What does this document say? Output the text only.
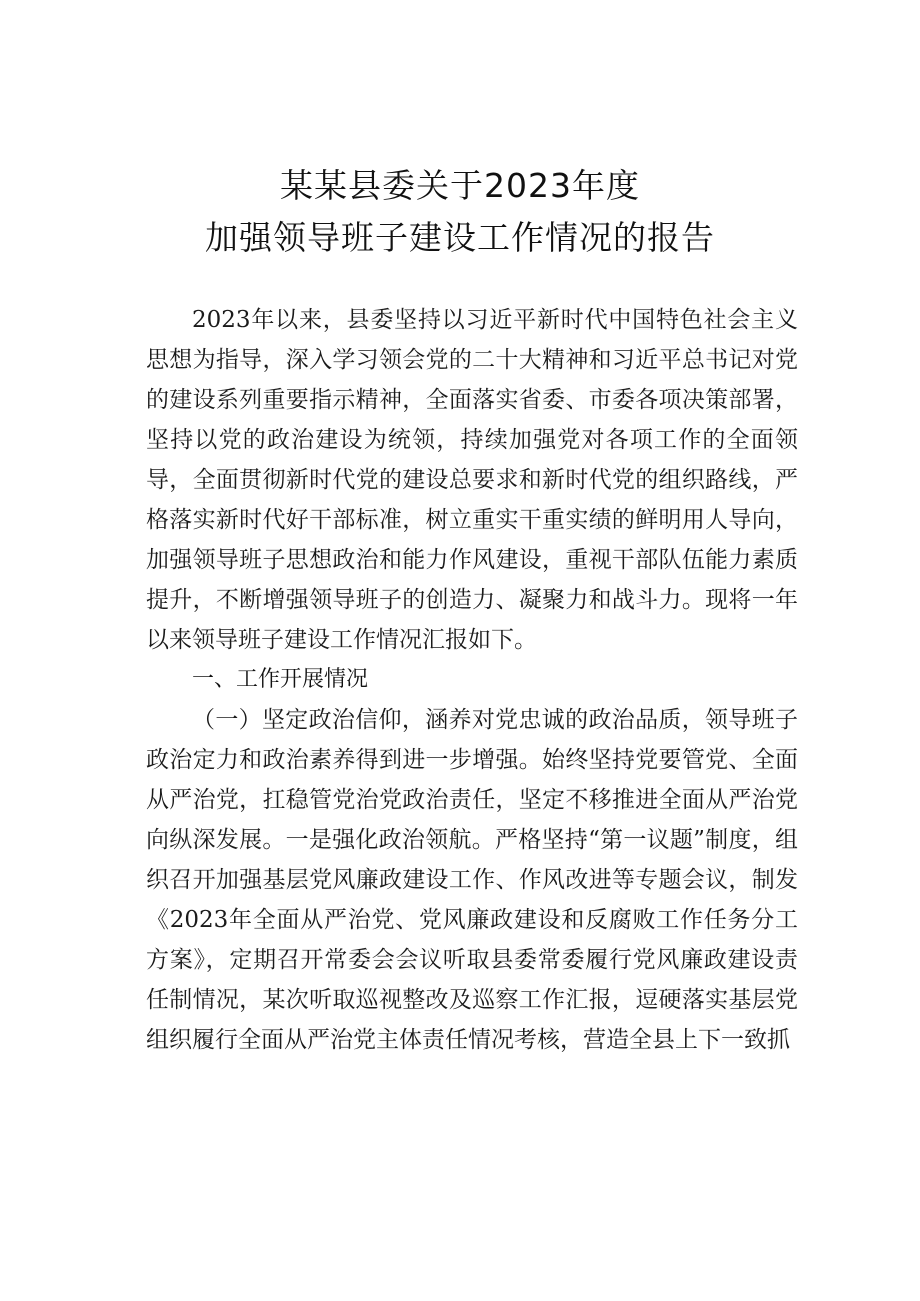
某某县委关于2023年度
加强领导班子建设工作情况的报告

2023年以来，县委坚持以习近平新时代中国特色社会主义思想为指导，深入学习领会党的二十大精神和习近平总书记对党的建设系列重要指示精神，全面落实省委、市委各项决策部署，坚持以党的政治建设为统领，持续加强党对各项工作的全面领导，全面贯彻新时代党的建设总要求和新时代党的组织路线，严格落实新时代好干部标准，树立重实干重实绩的鲜明用人导向，加强领导班子思想政治和能力作风建设，重视干部队伍能力素质提升，不断增强领导班子的创造力、凝聚力和战斗力。现将一年以来领导班子建设工作情况汇报如下。

一、工作开展情况

（一）坚定政治信仰，涵养对党忠诚的政治品质，领导班子政治定力和政治素养得到进一步增强。始终坚持党要管党、全面从严治党，扛稳管党治党政治责任，坚定不移推进全面从严治党向纵深发展。一是强化政治领航。严格坚持“第一议题”制度，组织召开加强基层党风廉政建设工作、作风改进等专题会议，制发《2023年全面从严治党、党风廉政建设和反腐败工作任务分工方案》，定期召开常委会会议听取县委常委履行党风廉政建设责任制情况，某次听取巡视整改及巡察工作汇报，逗硬落实基层党组织履行全面从严治党主体责任情况考核，营造全县上下一致抓
